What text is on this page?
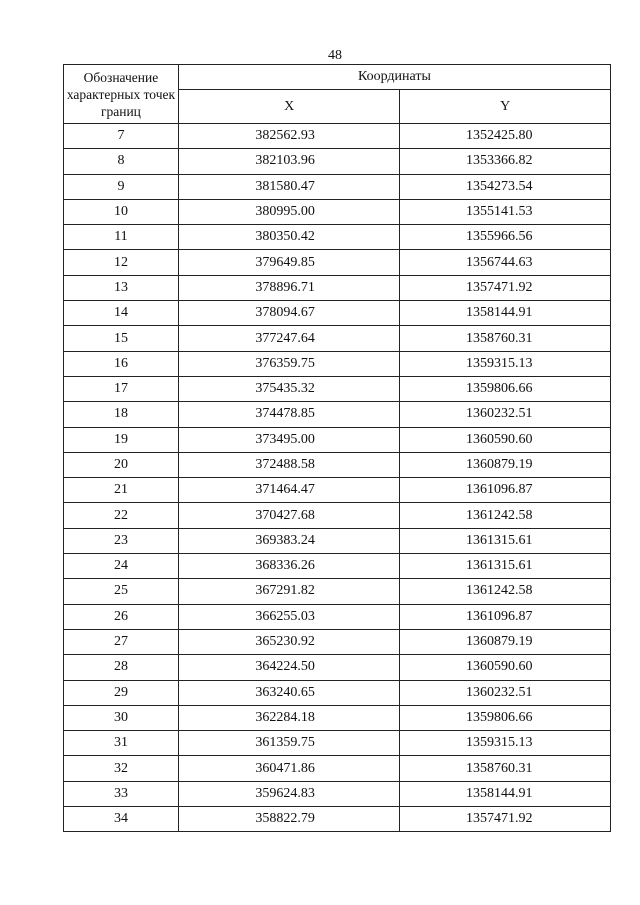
48
Обозначение характерных точек границ	Координаты	
	X	Y
7	382562.93	1352425.80
8	382103.96	1353366.82
9	381580.47	1354273.54
10	380995.00	1355141.53
11	380350.42	1355966.56
12	379649.85	1356744.63
13	378896.71	1357471.92
14	378094.67	1358144.91
15	377247.64	1358760.31
16	376359.75	1359315.13
17	375435.32	1359806.66
18	374478.85	1360232.51
19	373495.00	1360590.60
20	372488.58	1360879.19
21	371464.47	1361096.87
22	370427.68	1361242.58
23	369383.24	1361315.61
24	368336.26	1361315.61
25	367291.82	1361242.58
26	366255.03	1361096.87
27	365230.92	1360879.19
28	364224.50	1360590.60
29	363240.65	1360232.51
30	362284.18	1359806.66
31	361359.75	1359315.13
32	360471.86	1358760.31
33	359624.83	1358144.91
34	358822.79	1357471.92
